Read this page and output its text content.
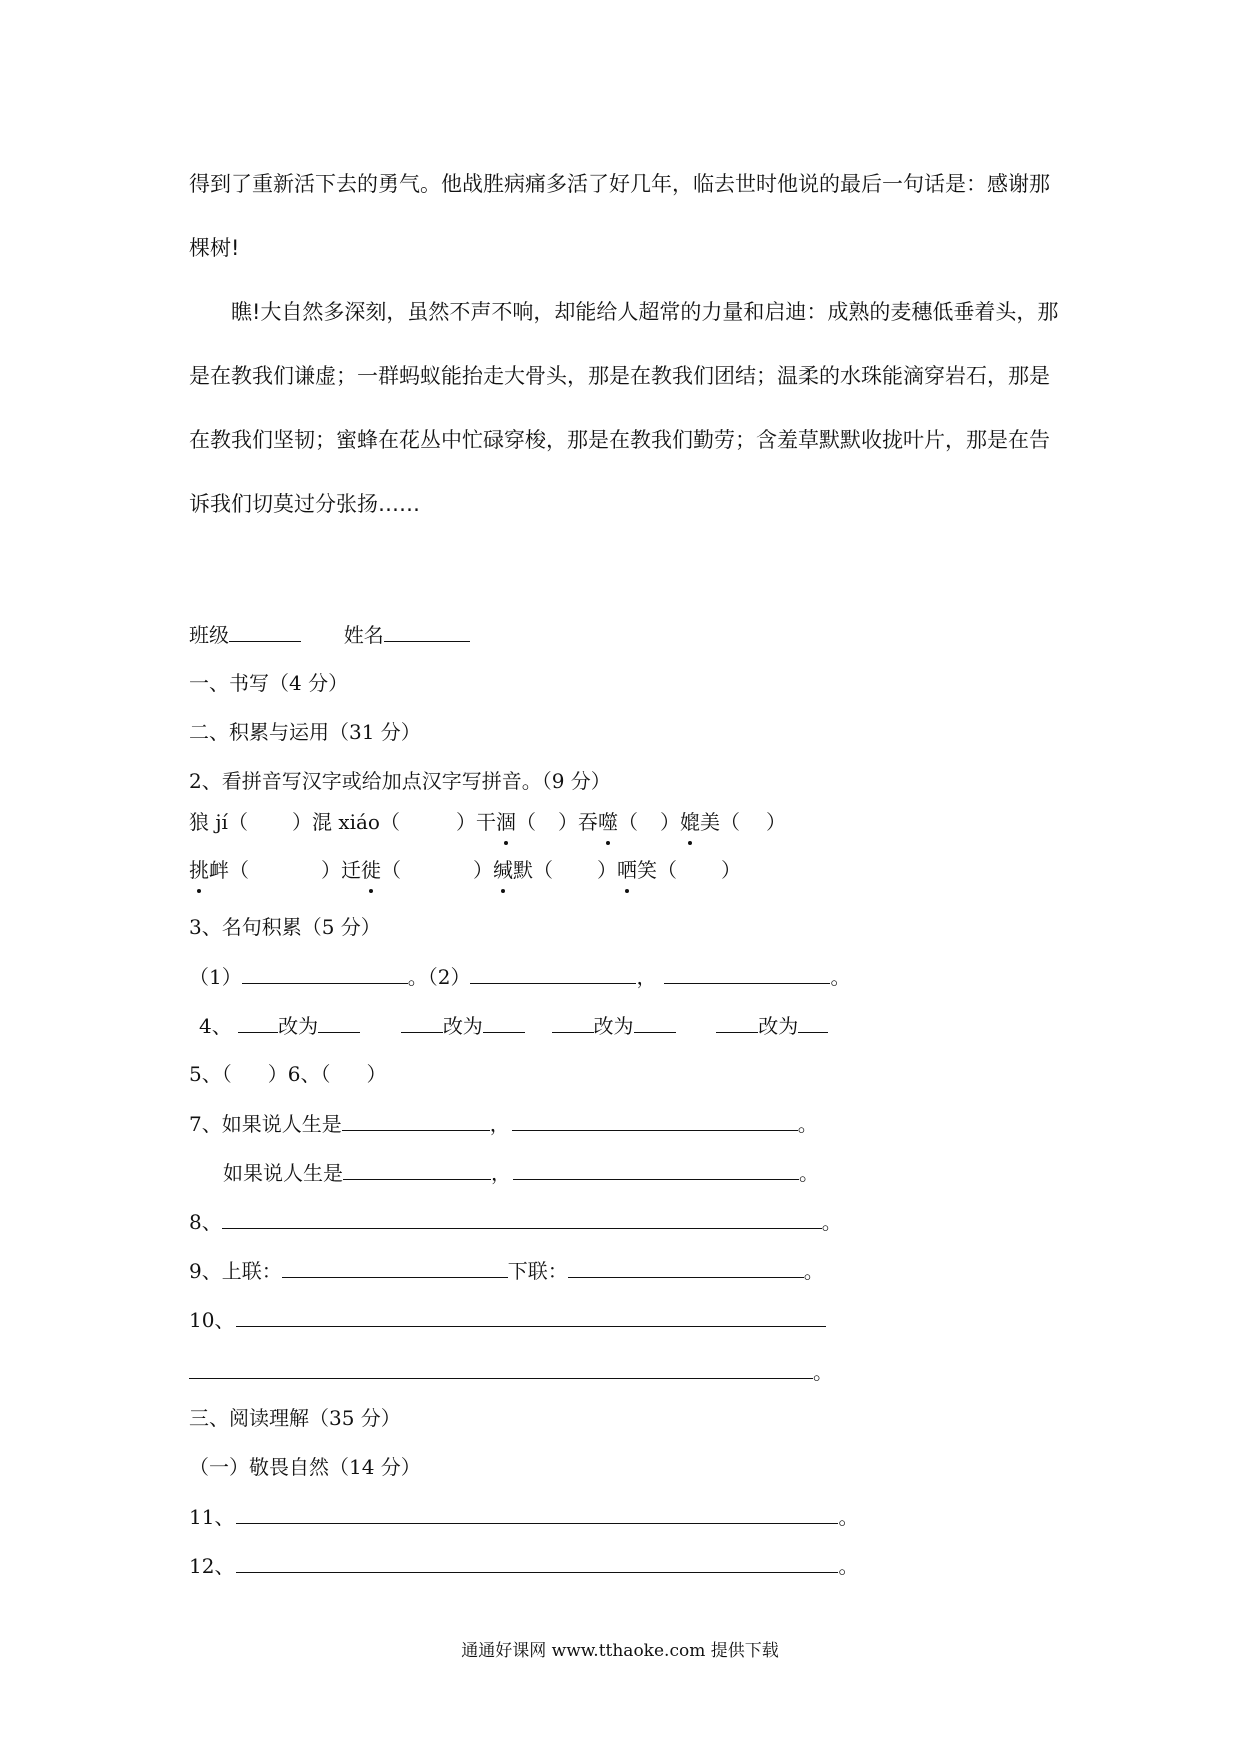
得到了重新活下去的勇气。他战胜病痛多活了好几年，临去世时他说的最后一句话是：感谢那棵树!

瞧!大自然多深刻，虽然不声不响，却能给人超常的力量和启迪：成熟的麦穗低垂着头，那是在教我们谦虚；一群蚂蚁能抬走大骨头，那是在教我们团结；温柔的水珠能滴穿岩石，那是在教我们坚韧；蜜蜂在花丛中忙碌穿梭，那是在教我们勤劳；含羞草默默收拢叶片，那是在告诉我们切莫过分张扬……

班级	姓名
一、书写（4 分）
二、积累与运用（31 分）
2、看拼音写汉字或给加点汉字写拼音。（9 分）
狼 jí（ ）混 xiáo（	）干涸（ ）吞噬（ ）媲美（ ）
挑衅（	）迁徙（	）缄默（ ）哂笑（ ）
3、名句积累（5 分）
（1）	。（2）	，	。
4、 改为	改为	改为	改为
5、（ ）6、（ ）
7、如果说人生是	，	。
如果说人生是	，	。
8、	。
9、上联：	下联：	。
10、
。
三、阅读理解（35 分）
（一）敬畏自然（14 分）
11、	。
12、	。
通通好课网 www.tthaoke.com 提供下载
